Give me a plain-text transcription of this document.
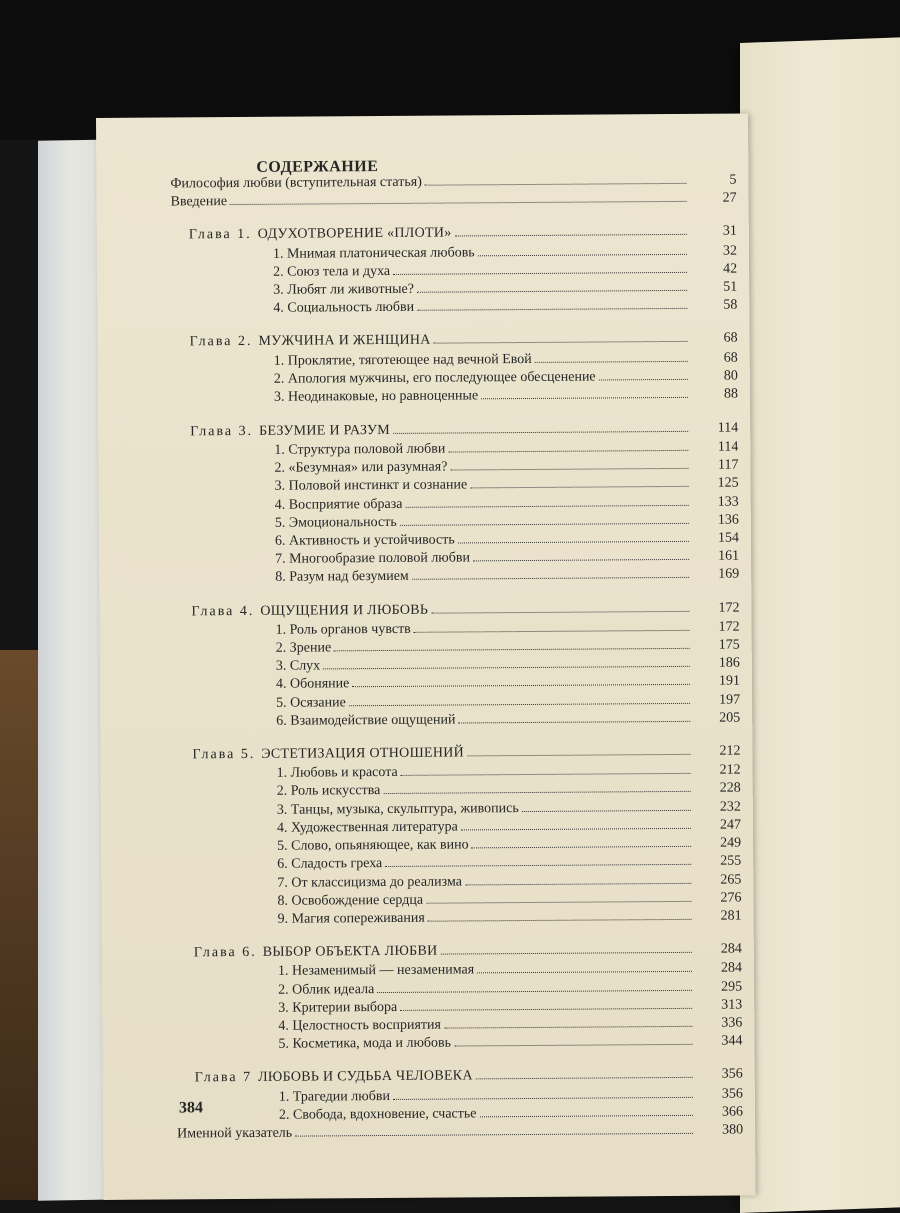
СОДЕРЖАНИЕ
Философия любви (вступительная статья)	5
Введение	27
Глава 1. ОДУХОТВОРЕНИЕ «ПЛОТИ»	31
1. Мнимая платоническая любовь	32
2. Союз тела и духа	42
3. Любят ли животные?	51
4. Социальность любви	58
Глава 2. МУЖЧИНА И ЖЕНЩИНА	68
1. Проклятие, тяготеющее над вечной Евой	68
2. Апология мужчины, его последующее обесценение	80
3. Неодинаковые, но равноценные	88
Глава 3. БЕЗУМИЕ И РАЗУМ	114
1. Структура половой любви	114
2. «Безумная» или разумная?	117
3. Половой инстинкт и сознание	125
4. Восприятие образа	133
5. Эмоциональность	136
6. Активность и устойчивость	154
7. Многообразие половой любви	161
8. Разум над безумием	169
Глава 4. ОЩУЩЕНИЯ И ЛЮБОВЬ	172
1. Роль органов чувств	172
2. Зрение	175
3. Слух	186
4. Обоняние	191
5. Осязание	197
6. Взаимодействие ощущений	205
Глава 5. ЭСТЕТИЗАЦИЯ ОТНОШЕНИЙ	212
1. Любовь и красота	212
2. Роль искусства	228
3. Танцы, музыка, скульптура, живопись	232
4. Художественная литература	247
5. Слово, опьяняющее, как вино	249
6. Сладость греха	255
7. От классицизма до реализма	265
8. Освобождение сердца	276
9. Магия сопереживания	281
Глава 6. ВЫБОР ОБЪЕКТА ЛЮБВИ	284
1. Незаменимый — незаменимая	284
2. Облик идеала	295
3. Критерии выбора	313
4. Целостность восприятия	336
5. Косметика, мода и любовь	344
Глава 7 ЛЮБОВЬ И СУДЬБА ЧЕЛОВЕКА	356
1. Трагедии любви	356
2. Свобода, вдохновение, счастье	366
Именной указатель	380
384
